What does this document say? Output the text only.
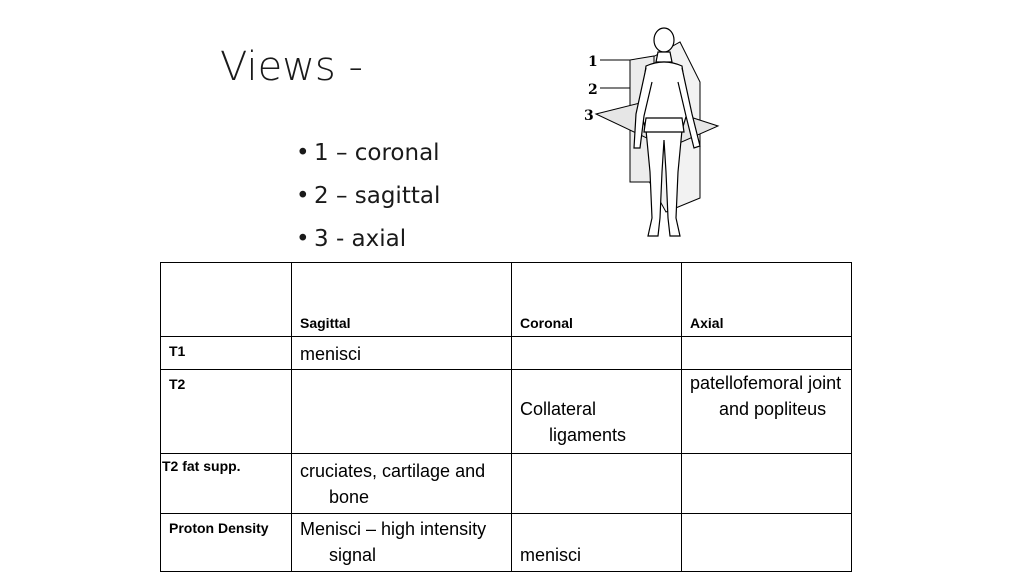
Views -
• 1 – coronal
• 2 – sagittal
• 3 - axial
1
2
3

	Sagittal	Coronal	Axial

T1	menisci		

T2		Collateral ligaments	patellofemoral joint and popliteus

T2 fat supp.	cruciates, cartilage and bone		

Proton Density	Menisci – high intensity signal	menisci	
